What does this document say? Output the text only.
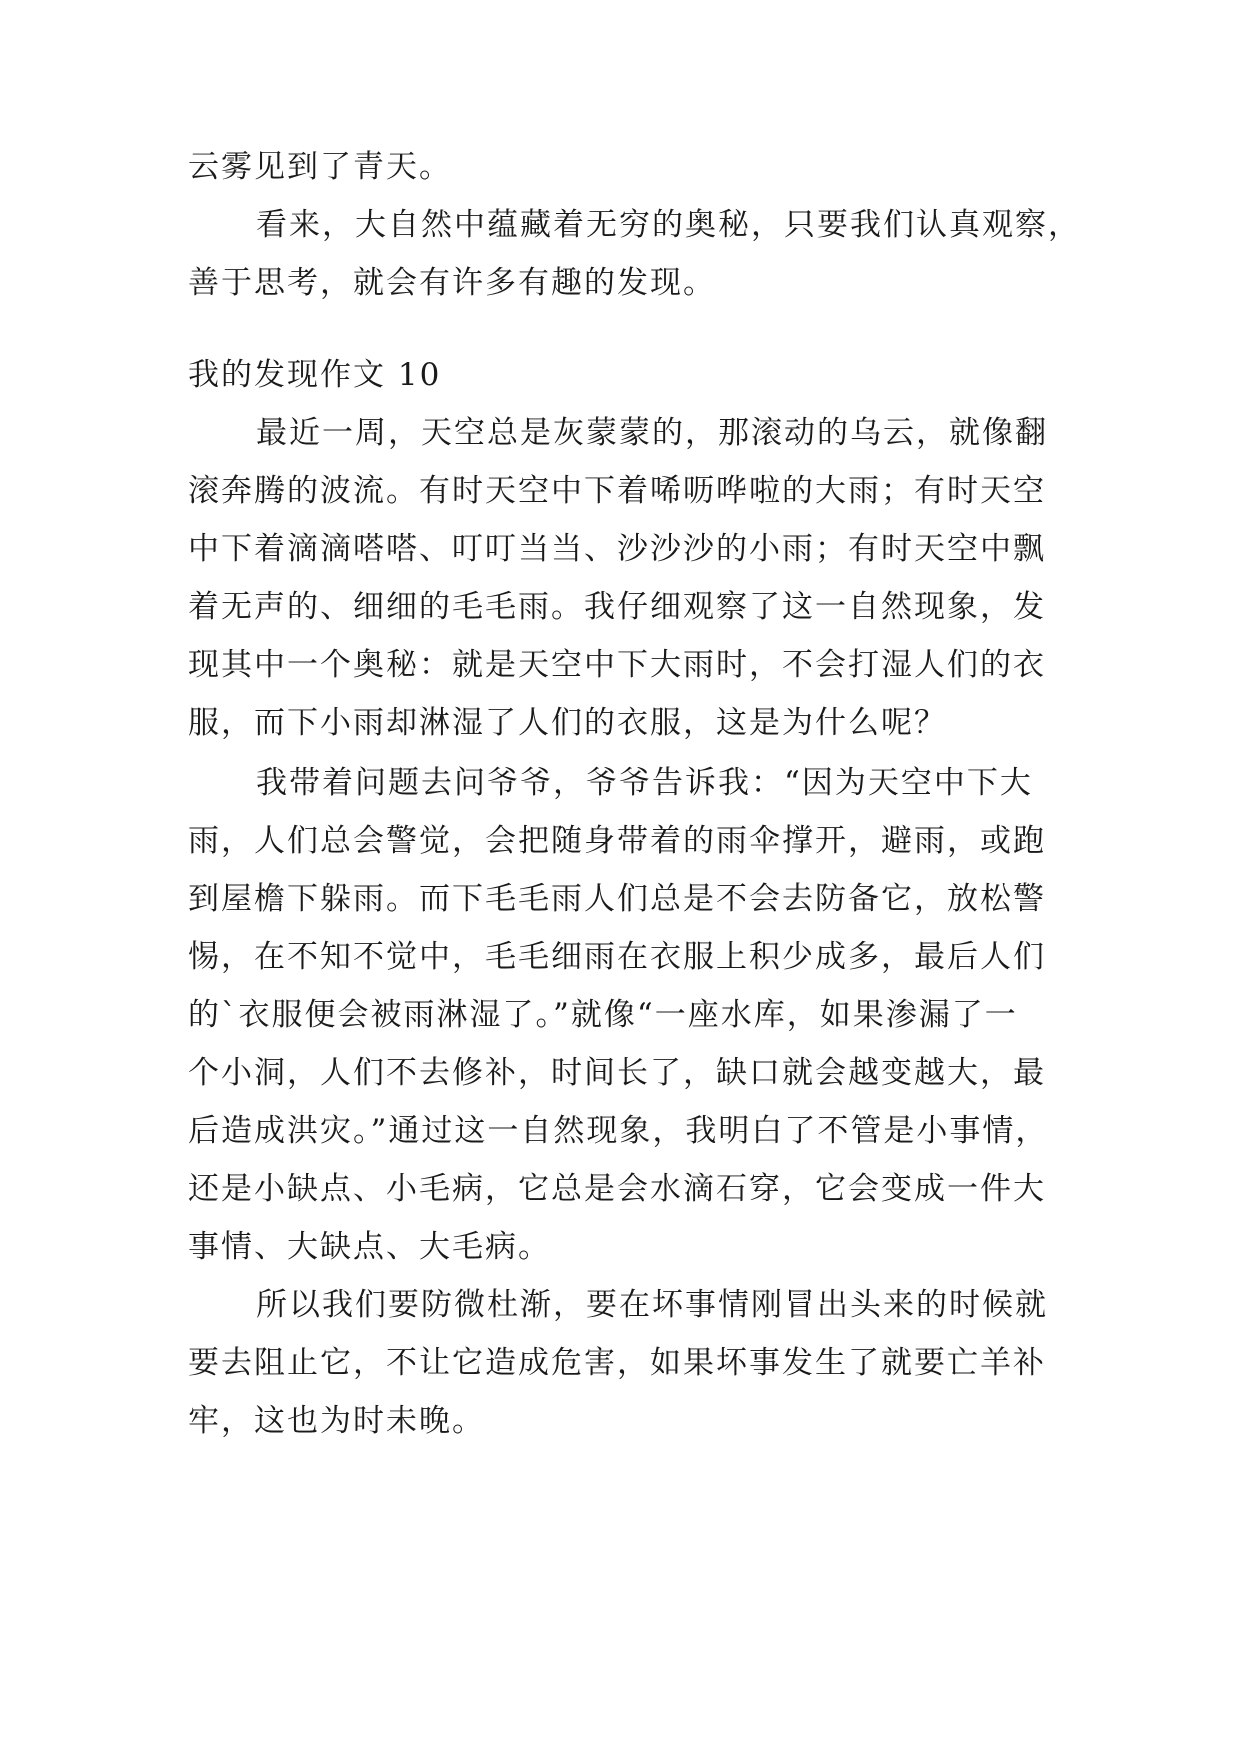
云雾见到了青天。
看来，大自然中蕴藏着无穷的奥秘，只要我们认真观察，
善于思考，就会有许多有趣的发现。
我的发现作文 10
最近一周，天空总是灰蒙蒙的，那滚动的乌云，就像翻
滚奔腾的波流。有时天空中下着唏呖哗啦的大雨；有时天空
中下着滴滴嗒嗒、叮叮当当、沙沙沙的小雨；有时天空中飘
着无声的、细细的毛毛雨。我仔细观察了这一自然现象，发
现其中一个奥秘：就是天空中下大雨时，不会打湿人们的衣
服，而下小雨却淋湿了人们的衣服，这是为什么呢？
我带着问题去问爷爷，爷爷告诉我：“因为天空中下大
雨，人们总会警觉，会把随身带着的雨伞撑开，避雨，或跑
到屋檐下躲雨。而下毛毛雨人们总是不会去防备它，放松警
惕，在不知不觉中，毛毛细雨在衣服上积少成多，最后人们
的`衣服便会被雨淋湿了。”就像“一座水库，如果渗漏了一
个小洞，人们不去修补，时间长了，缺口就会越变越大，最
后造成洪灾。”通过这一自然现象，我明白了不管是小事情，
还是小缺点、小毛病，它总是会水滴石穿，它会变成一件大
事情、大缺点、大毛病。
所以我们要防微杜渐，要在坏事情刚冒出头来的时候就
要去阻止它，不让它造成危害，如果坏事发生了就要亡羊补
牢，这也为时未晚。
